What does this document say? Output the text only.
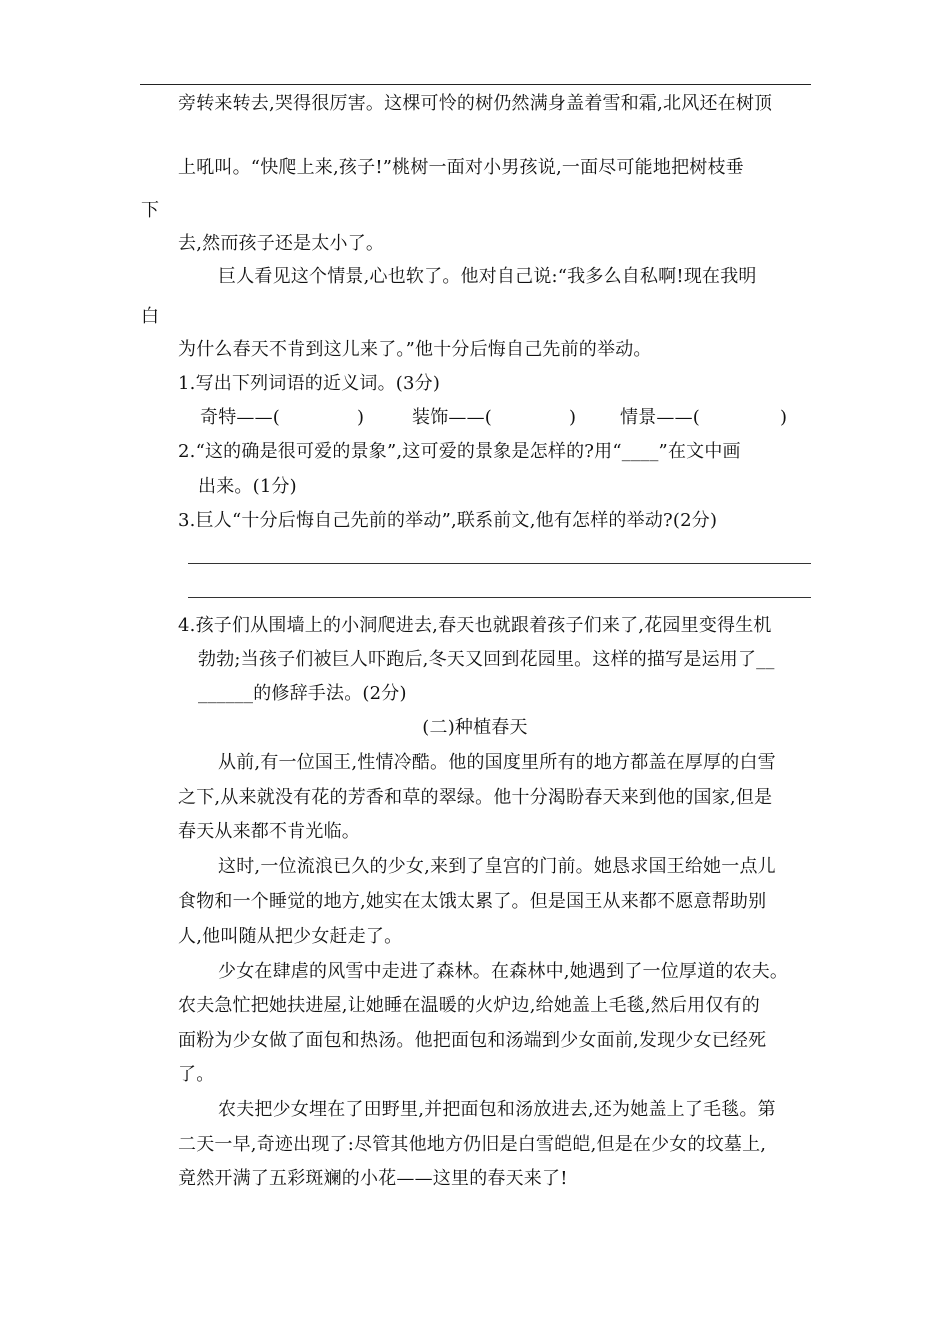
旁转来转去,哭得很厉害。这棵可怜的树仍然满身盖着雪和霜,北风还在树顶
上吼叫。“快爬上来,孩子!”桃树一面对小男孩说,一面尽可能地把树枝垂
下
去,然而孩子还是太小了。
巨人看见这个情景,心也软了。他对自己说:“我多么自私啊!现在我明
白
为什么春天不肯到这儿来了。”他十分后悔自己先前的举动。
1.写出下列词语的近义词。(3分)
奇特——(	)	装饰——(	) 情景——(	)
2.“这的确是很可爱的景象”,这可爱的景象是怎样的?用“____”在文中画
出来。(1分)
3.巨人“十分后悔自己先前的举动”,联系前文,他有怎样的举动?(2分)
4.孩子们从围墙上的小洞爬进去,春天也就跟着孩子们来了,花园里变得生机
勃勃;当孩子们被巨人吓跑后,冬天又回到花园里。这样的描写是运用了__
______的修辞手法。(2分)
(二)种植春天
从前,有一位国王,性情冷酷。他的国度里所有的地方都盖在厚厚的白雪
之下,从来就没有花的芳香和草的翠绿。他十分渴盼春天来到他的国家,但是
春天从来都不肯光临。
这时,一位流浪已久的少女,来到了皇宫的门前。她恳求国王给她一点儿
食物和一个睡觉的地方,她实在太饿太累了。但是国王从来都不愿意帮助别
人,他叫随从把少女赶走了。
少女在肆虐的风雪中走进了森林。在森林中,她遇到了一位厚道的农夫。
农夫急忙把她扶进屋,让她睡在温暖的火炉边,给她盖上毛毯,然后用仅有的
面粉为少女做了面包和热汤。他把面包和汤端到少女面前,发现少女已经死
了。
农夫把少女埋在了田野里,并把面包和汤放进去,还为她盖上了毛毯。第
二天一早,奇迹出现了:尽管其他地方仍旧是白雪皑皑,但是在少女的坟墓上,
竟然开满了五彩斑斓的小花——这里的春天来了!
